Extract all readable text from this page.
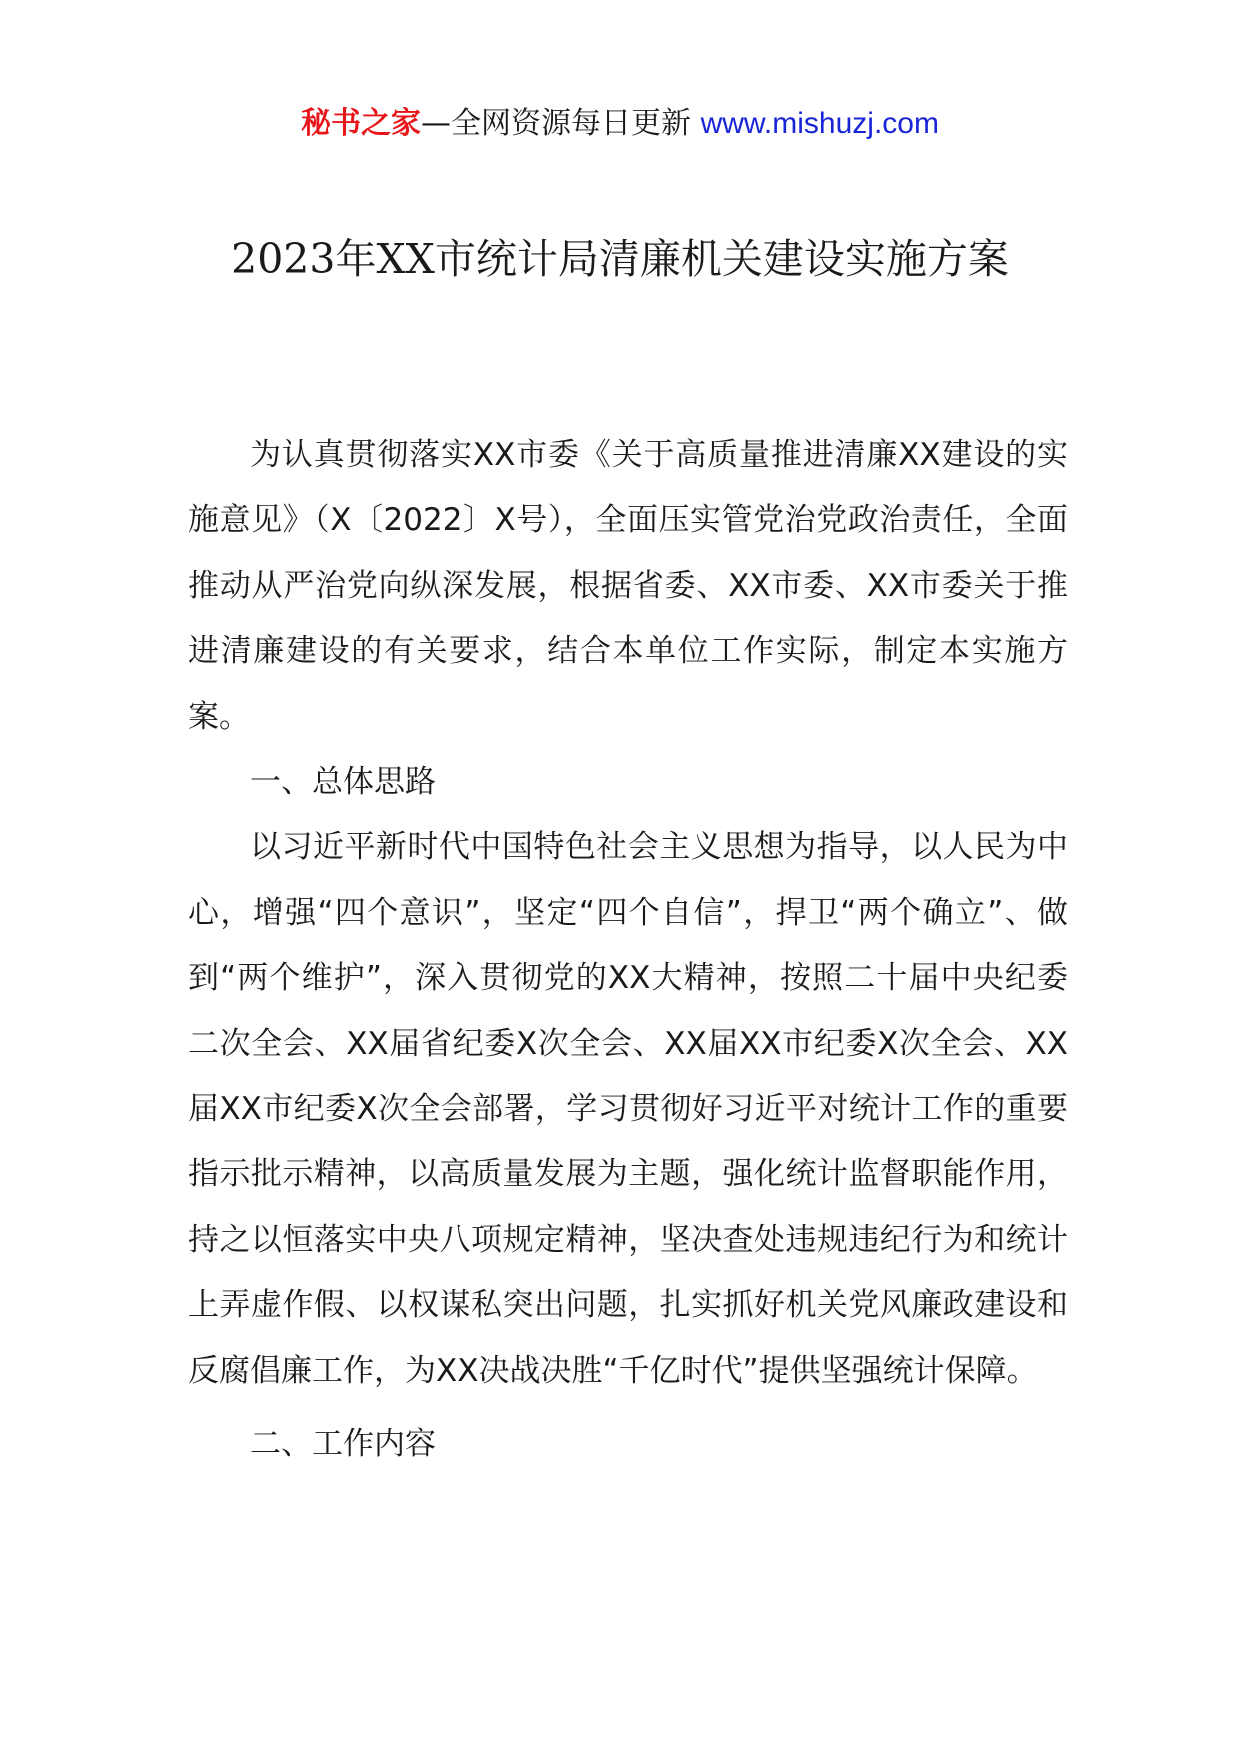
秘书之家—全网资源每日更新 www.mishuzj.com
2023年XX市统计局清廉机关建设实施方案

为认真贯彻落实XX市委《关于高质量推进清廉XX建设的实施意见》（X〔2022〕X号），全面压实管党治党政治责任，全面推动从严治党向纵深发展，根据省委、XX市委、XX市委关于推进清廉建设的有关要求，结合本单位工作实际，制定本实施方案。

一、总体思路

以习近平新时代中国特色社会主义思想为指导，以人民为中心，增强“四个意识”，坚定“四个自信”，捍卫“两个确立”、做到“两个维护”，深入贯彻党的XX大精神，按照二十届中央纪委二次全会、XX届省纪委X次全会、XX届XX市纪委X次全会、XX届XX市纪委X次全会部署，学习贯彻好习近平对统计工作的重要指示批示精神，以高质量发展为主题，强化统计监督职能作用，持之以恒落实中央八项规定精神，坚决查处违规违纪行为和统计上弄虚作假、以权谋私突出问题，扎实抓好机关党风廉政建设和反腐倡廉工作，为XX决战决胜“千亿时代”提供坚强统计保障。

二、工作内容
